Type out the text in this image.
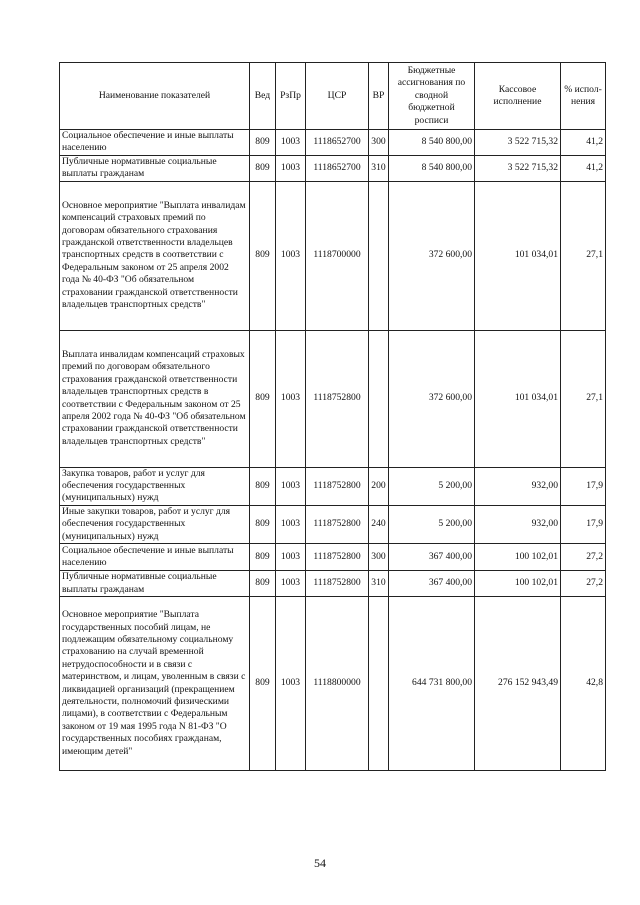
Наименование показателей	Вед	РзПр	ЦСР	ВР	Бюджетные ассигнования по сводной бюджетной росписи	Кассовое исполнение	% испол-нения
Социальное обеспечение и иные выплаты населению	809	1003	1118652700	300	8 540 800,00	3 522 715,32	41,2
Публичные нормативные социальные выплаты гражданам	809	1003	1118652700	310	8 540 800,00	3 522 715,32	41,2
Основное мероприятие "Выплата инвалидам компенсаций страховых премий по договорам обязательного страхования гражданской ответственности владельцев транспортных средств в соответствии с Федеральным законом от 25 апреля 2002 года № 40-ФЗ "Об обязательном страховании гражданской ответственности владельцев транспортных средств"	809	1003	1118700000		372 600,00	101 034,01	27,1
Выплата инвалидам компенсаций страховых премий по договорам обязательного страхования гражданской ответственности владельцев транспортных средств в соответствии с Федеральным законом от 25 апреля 2002 года № 40-ФЗ "Об обязательном страховании гражданской ответственности владельцев транспортных средств"	809	1003	1118752800		372 600,00	101 034,01	27,1
Закупка товаров, работ и услуг для обеспечения государственных (муниципальных) нужд	809	1003	1118752800	200	5 200,00	932,00	17,9
Иные закупки товаров, работ и услуг для обеспечения государственных (муниципальных) нужд	809	1003	1118752800	240	5 200,00	932,00	17,9
Социальное обеспечение и иные выплаты населению	809	1003	1118752800	300	367 400,00	100 102,01	27,2
Публичные нормативные социальные выплаты гражданам	809	1003	1118752800	310	367 400,00	100 102,01	27,2
Основное мероприятие "Выплата государственных пособий лицам, не подлежащим обязательному социальному страхованию на случай временной нетрудоспособности и в связи с материнством, и лицам, уволенным в связи с ликвидацией организаций (прекращением деятельности, полномочий физическими лицами), в соответствии с Федеральным законом от 19 мая 1995 года N 81-ФЗ "О государственных пособиях гражданам, имеющим детей"	809	1003	1118800000		644 731 800,00	276 152 943,49	42,8
54
